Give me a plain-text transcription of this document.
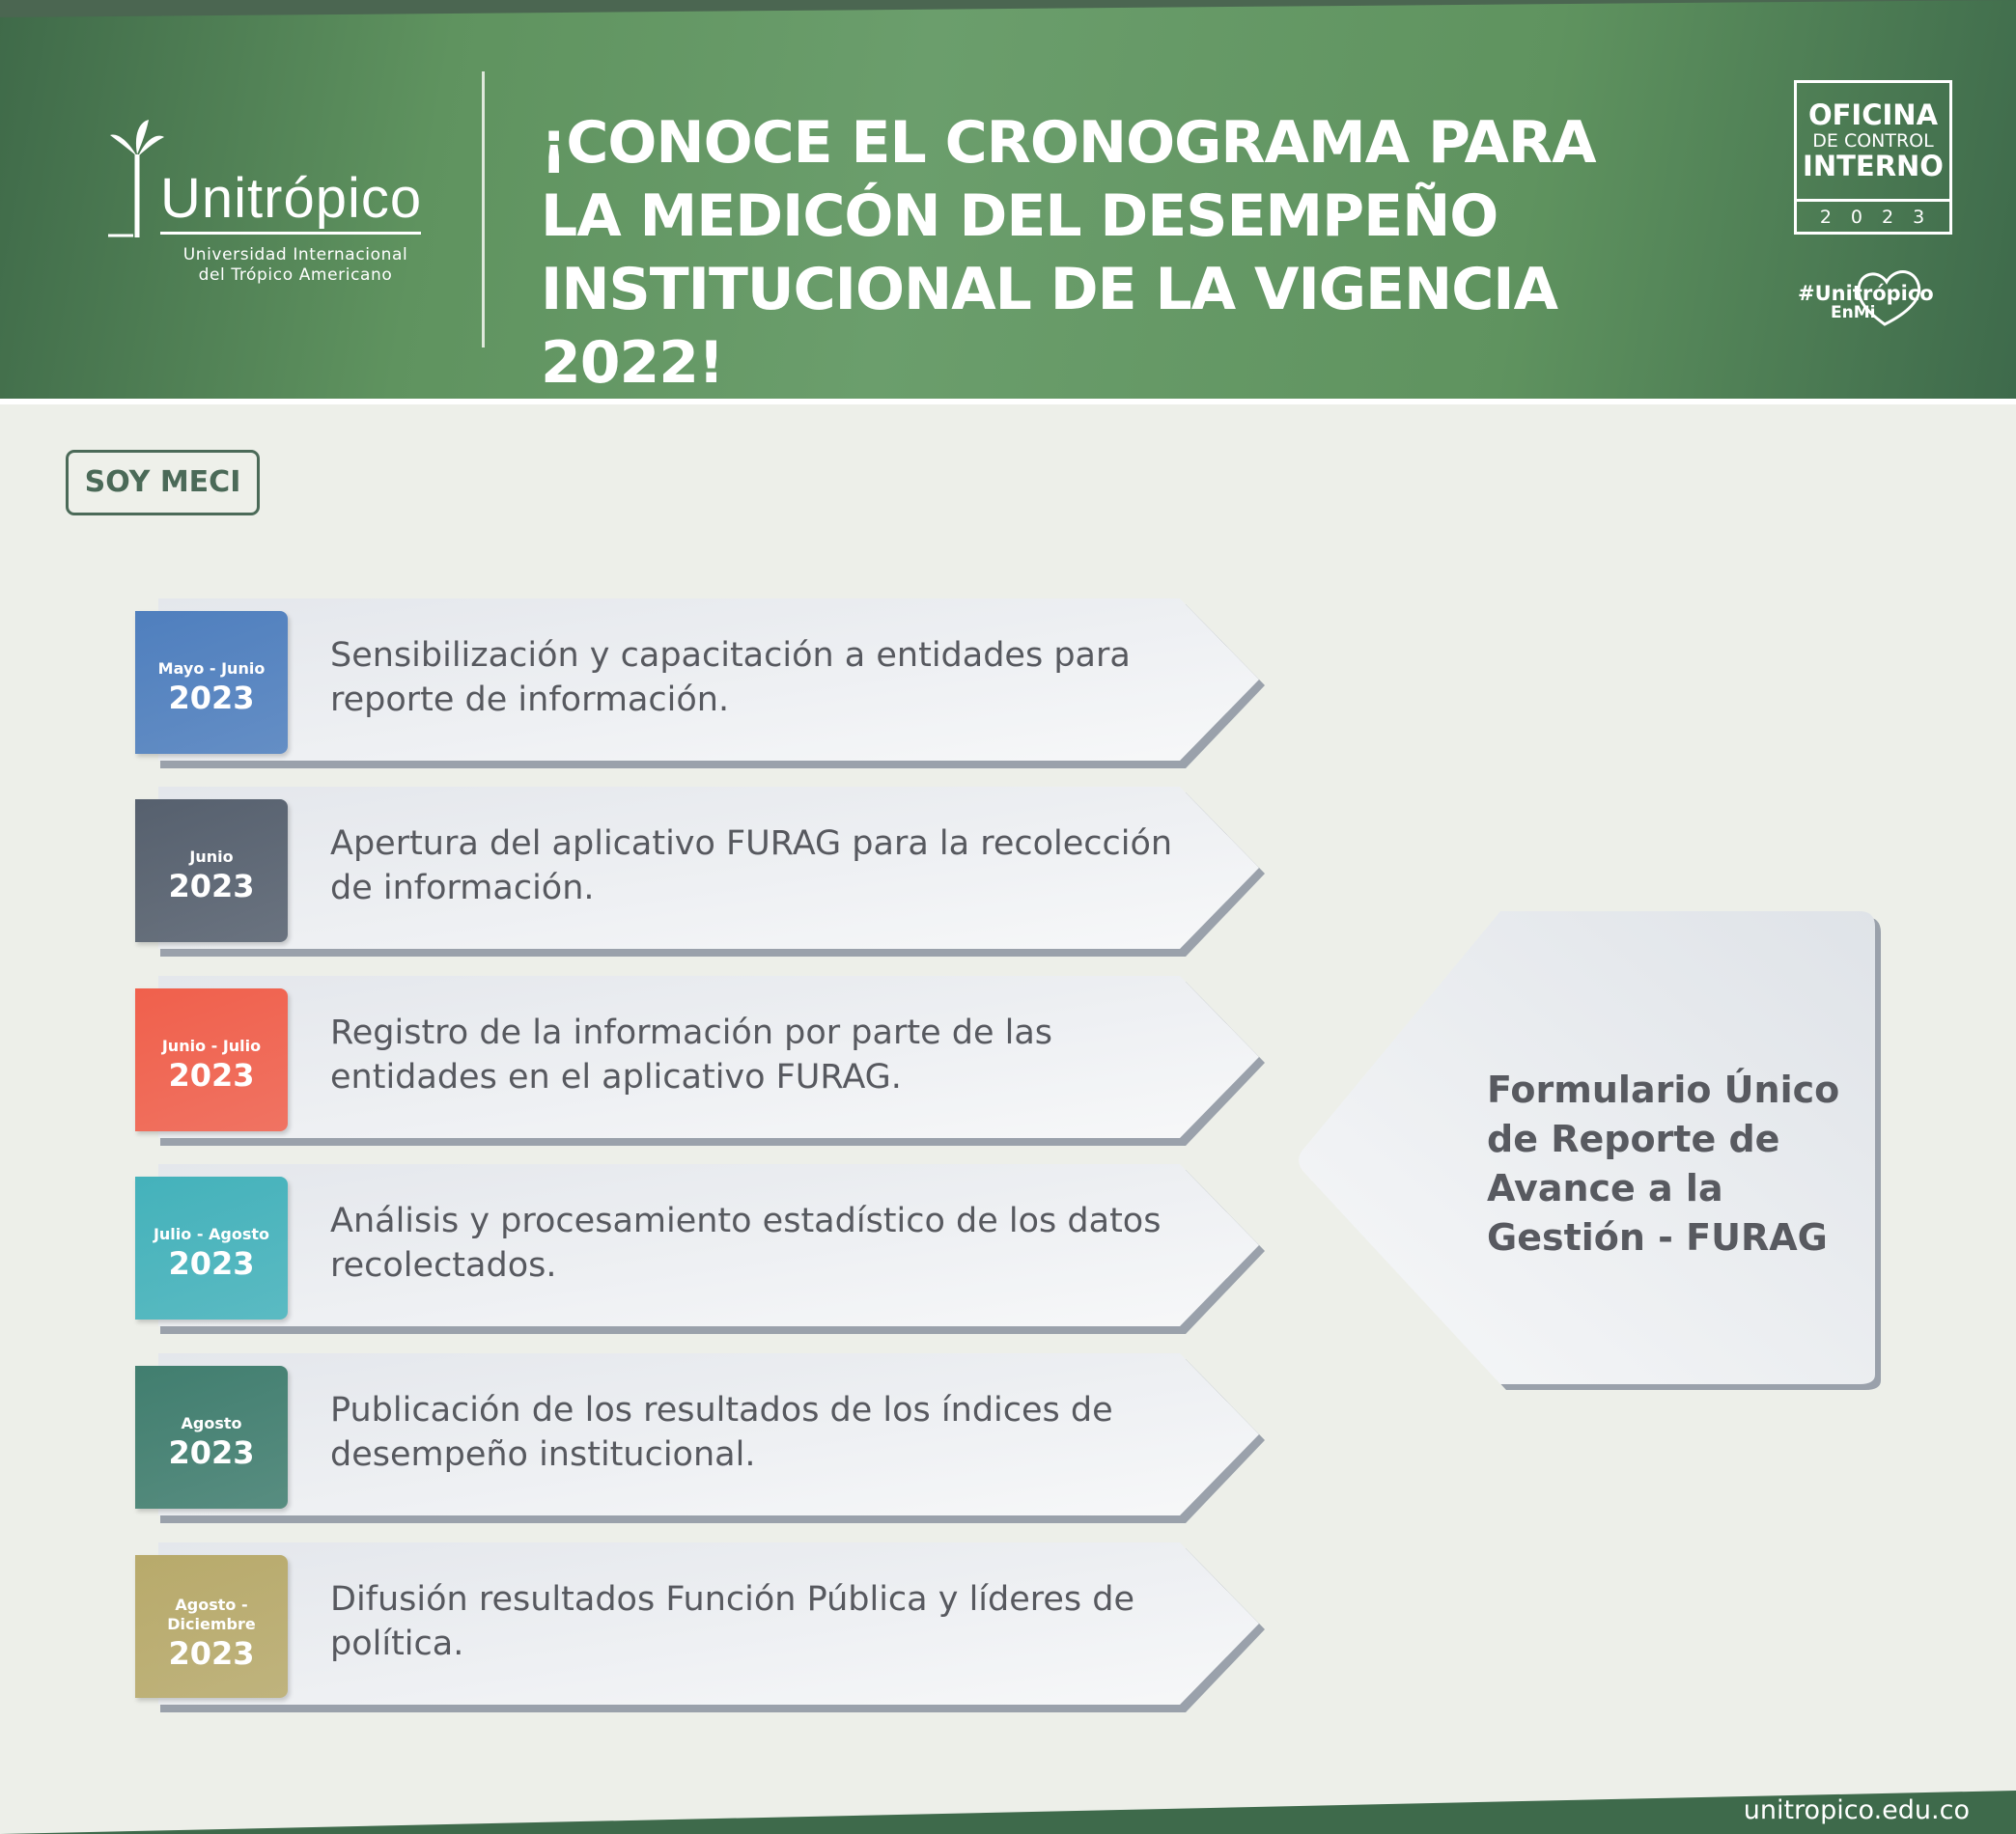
Unitrópico
Universidad Internacional
del Trópico Americano
¡CONOCE EL CRONOGRAMA PARA
LA MEDICÓN DEL DESEMPEÑO
INSTITUCIONAL DE LA VIGENCIA 2022!
OFICINA
DE CONTROL
INTERNO
2023
#Unitrópico
EnMi
SOY MECI
Mayo - Junio
2023
Sensibilización y capacitación a entidades para reporte de información.
Junio
2023
Apertura del aplicativo FURAG para la recolección de información.
Junio - Julio
2023
Registro de la información por parte de las entidades en el aplicativo FURAG.
Julio - Agosto
2023
Análisis y procesamiento estadístico de los datos recolectados.
Agosto
2023
Publicación de los resultados de los índices de desempeño institucional.
Agosto -
Diciembre
2023
Difusión resultados Función Pública y líderes de política.
Formulario Único
de Reporte de
Avance a la
Gestión - FURAG
unitropico.edu.co
